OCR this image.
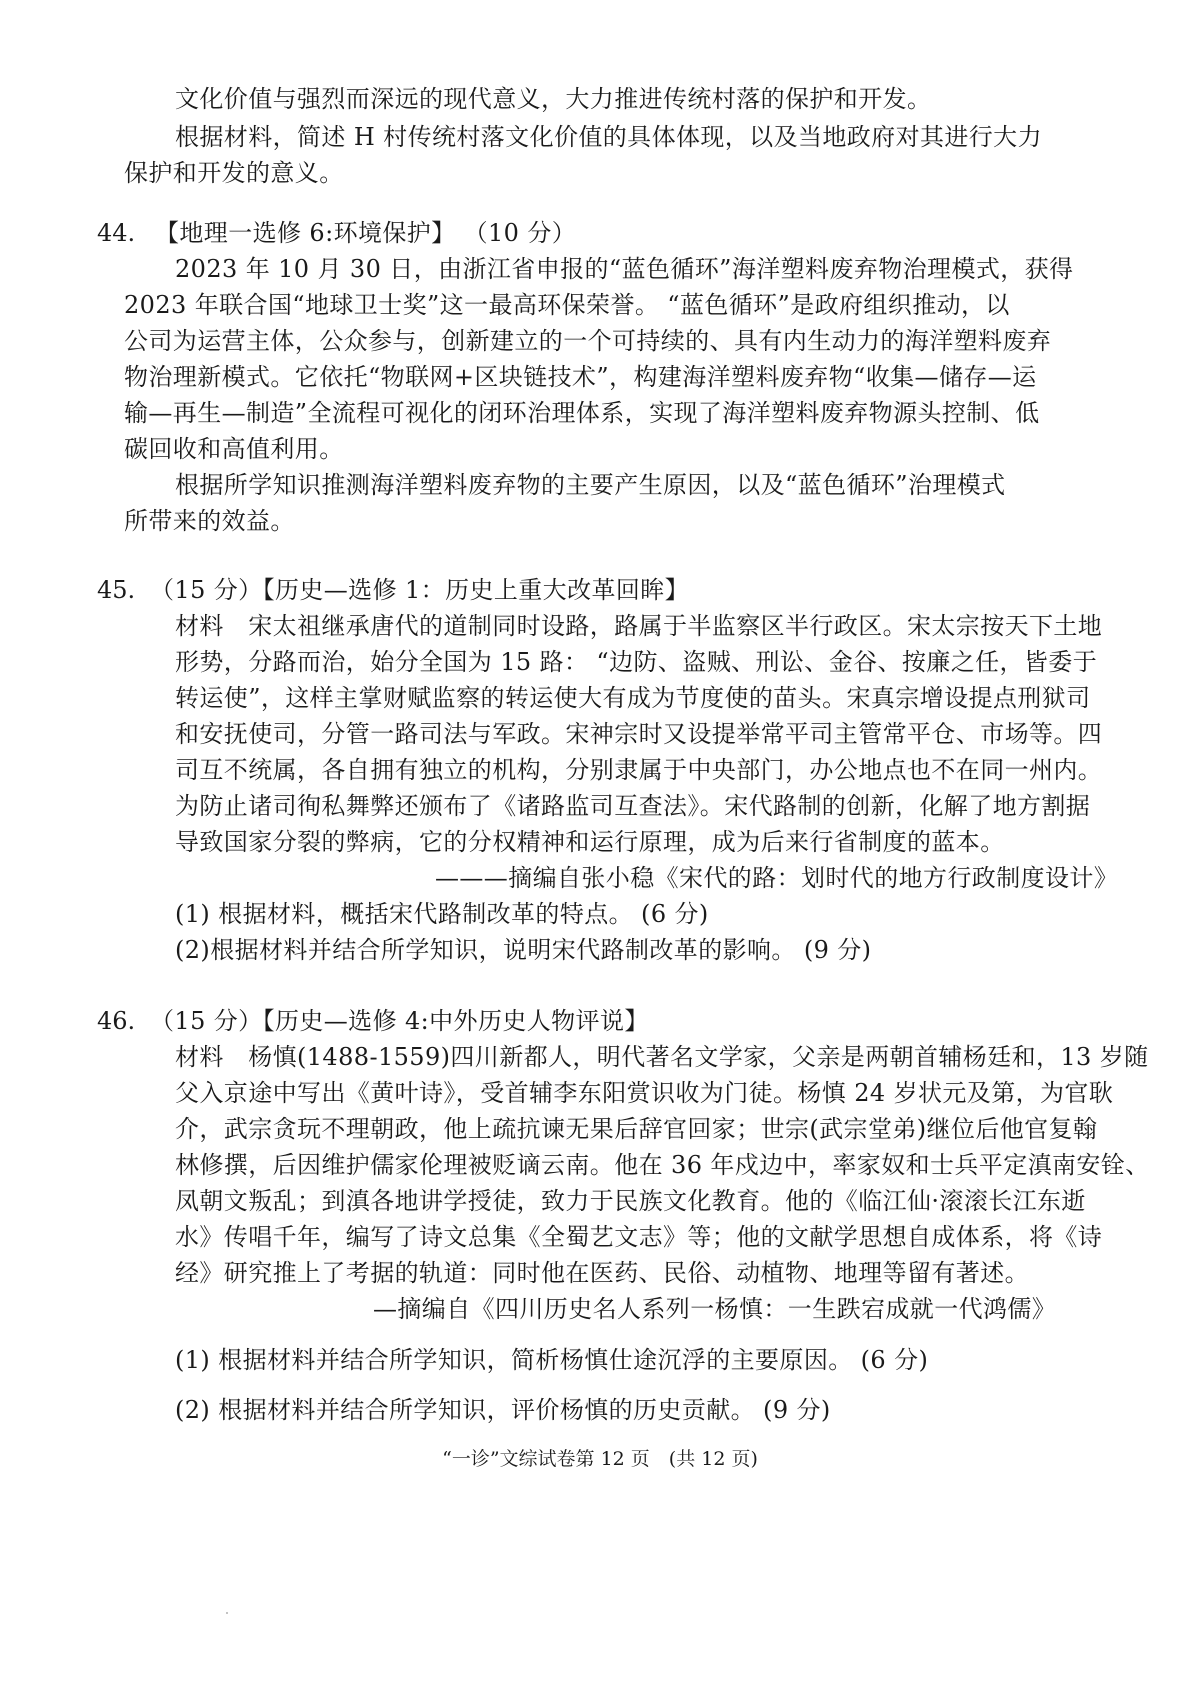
文化价值与强烈而深远的现代意义，大力推进传统村落的保护和开发。
根据材料，简述 H 村传统村落文化价值的具体体现，以及当地政府对其进行大力
保护和开发的意义。
44. 【地理一选修 6:环境保护】 （10 分）
2023 年 10 月 30 日，由浙江省申报的“蓝色循环”海洋塑料废弃物治理模式，获得
2023 年联合国“地球卫士奖”这一最高环保荣誉。 “蓝色循环”是政府组织推动，以
公司为运营主体，公众参与，创新建立的一个可持续的、具有内生动力的海洋塑料废弃
物治理新模式。它依托“物联网+区块链技术”，构建海洋塑料废弃物“收集—储存—运
输—再生—制造”全流程可视化的闭环治理体系，实现了海洋塑料废弃物源头控制、低
碳回收和高值利用。
根据所学知识推测海洋塑料废弃物的主要产生原因，以及“蓝色循环”治理模式
所带来的效益。
45. （15 分）【历史—选修 1：历史上重大改革回眸】
材料　宋太祖继承唐代的道制同时设路，路属于半监察区半行政区。宋太宗按天下土地
形势，分路而治，始分全国为 15 路： “边防、盗贼、刑讼、金谷、按廉之任，皆委于
转运使”，这样主掌财赋监察的转运使大有成为节度使的苗头。宋真宗增设提点刑狱司
和安抚使司，分管一路司法与军政。宋神宗时又设提举常平司主管常平仓、市场等。四
司互不统属，各自拥有独立的机构，分别隶属于中央部门，办公地点也不在同一州内。
为防止诸司徇私舞弊还颁布了《诸路监司互查法》。宋代路制的创新，化解了地方割据
导致国家分裂的弊病，它的分权精神和运行原理，成为后来行省制度的蓝本。
———摘编自张小稳《宋代的路：划时代的地方行政制度设计》
(1) 根据材料，概括宋代路制改革的特点。 (6 分)
(2)根据材料并结合所学知识，说明宋代路制改革的影响。 (9 分)
46. （15 分）【历史—选修 4:中外历史人物评说】
材料　杨慎(1488-1559)四川新都人，明代著名文学家，父亲是两朝首辅杨廷和，13 岁随
父入京途中写出《黄叶诗》，受首辅李东阳赏识收为门徒。杨慎 24 岁状元及第，为官耿
介，武宗贪玩不理朝政，他上疏抗谏无果后辞官回家；世宗(武宗堂弟)继位后他官复翰
林修撰，后因维护儒家伦理被贬谪云南。他在 36 年戍边中，率家奴和士兵平定滇南安铨、
凤朝文叛乱；到滇各地讲学授徒，致力于民族文化教育。他的《临江仙·滚滚长江东逝
水》传唱千年，编写了诗文总集《全蜀艺文志》等；他的文献学思想自成体系，将《诗
经》研究推上了考据的轨道：同时他在医药、民俗、动植物、地理等留有著述。
—摘编自《四川历史名人系列一杨慎：一生跌宕成就一代鸿儒》
(1) 根据材料并结合所学知识，简析杨慎仕途沉浮的主要原因。 (6 分)
(2) 根据材料并结合所学知识，评价杨慎的历史贡献。 (9 分)
“一诊”文综试卷第 12 页　(共 12 页)
